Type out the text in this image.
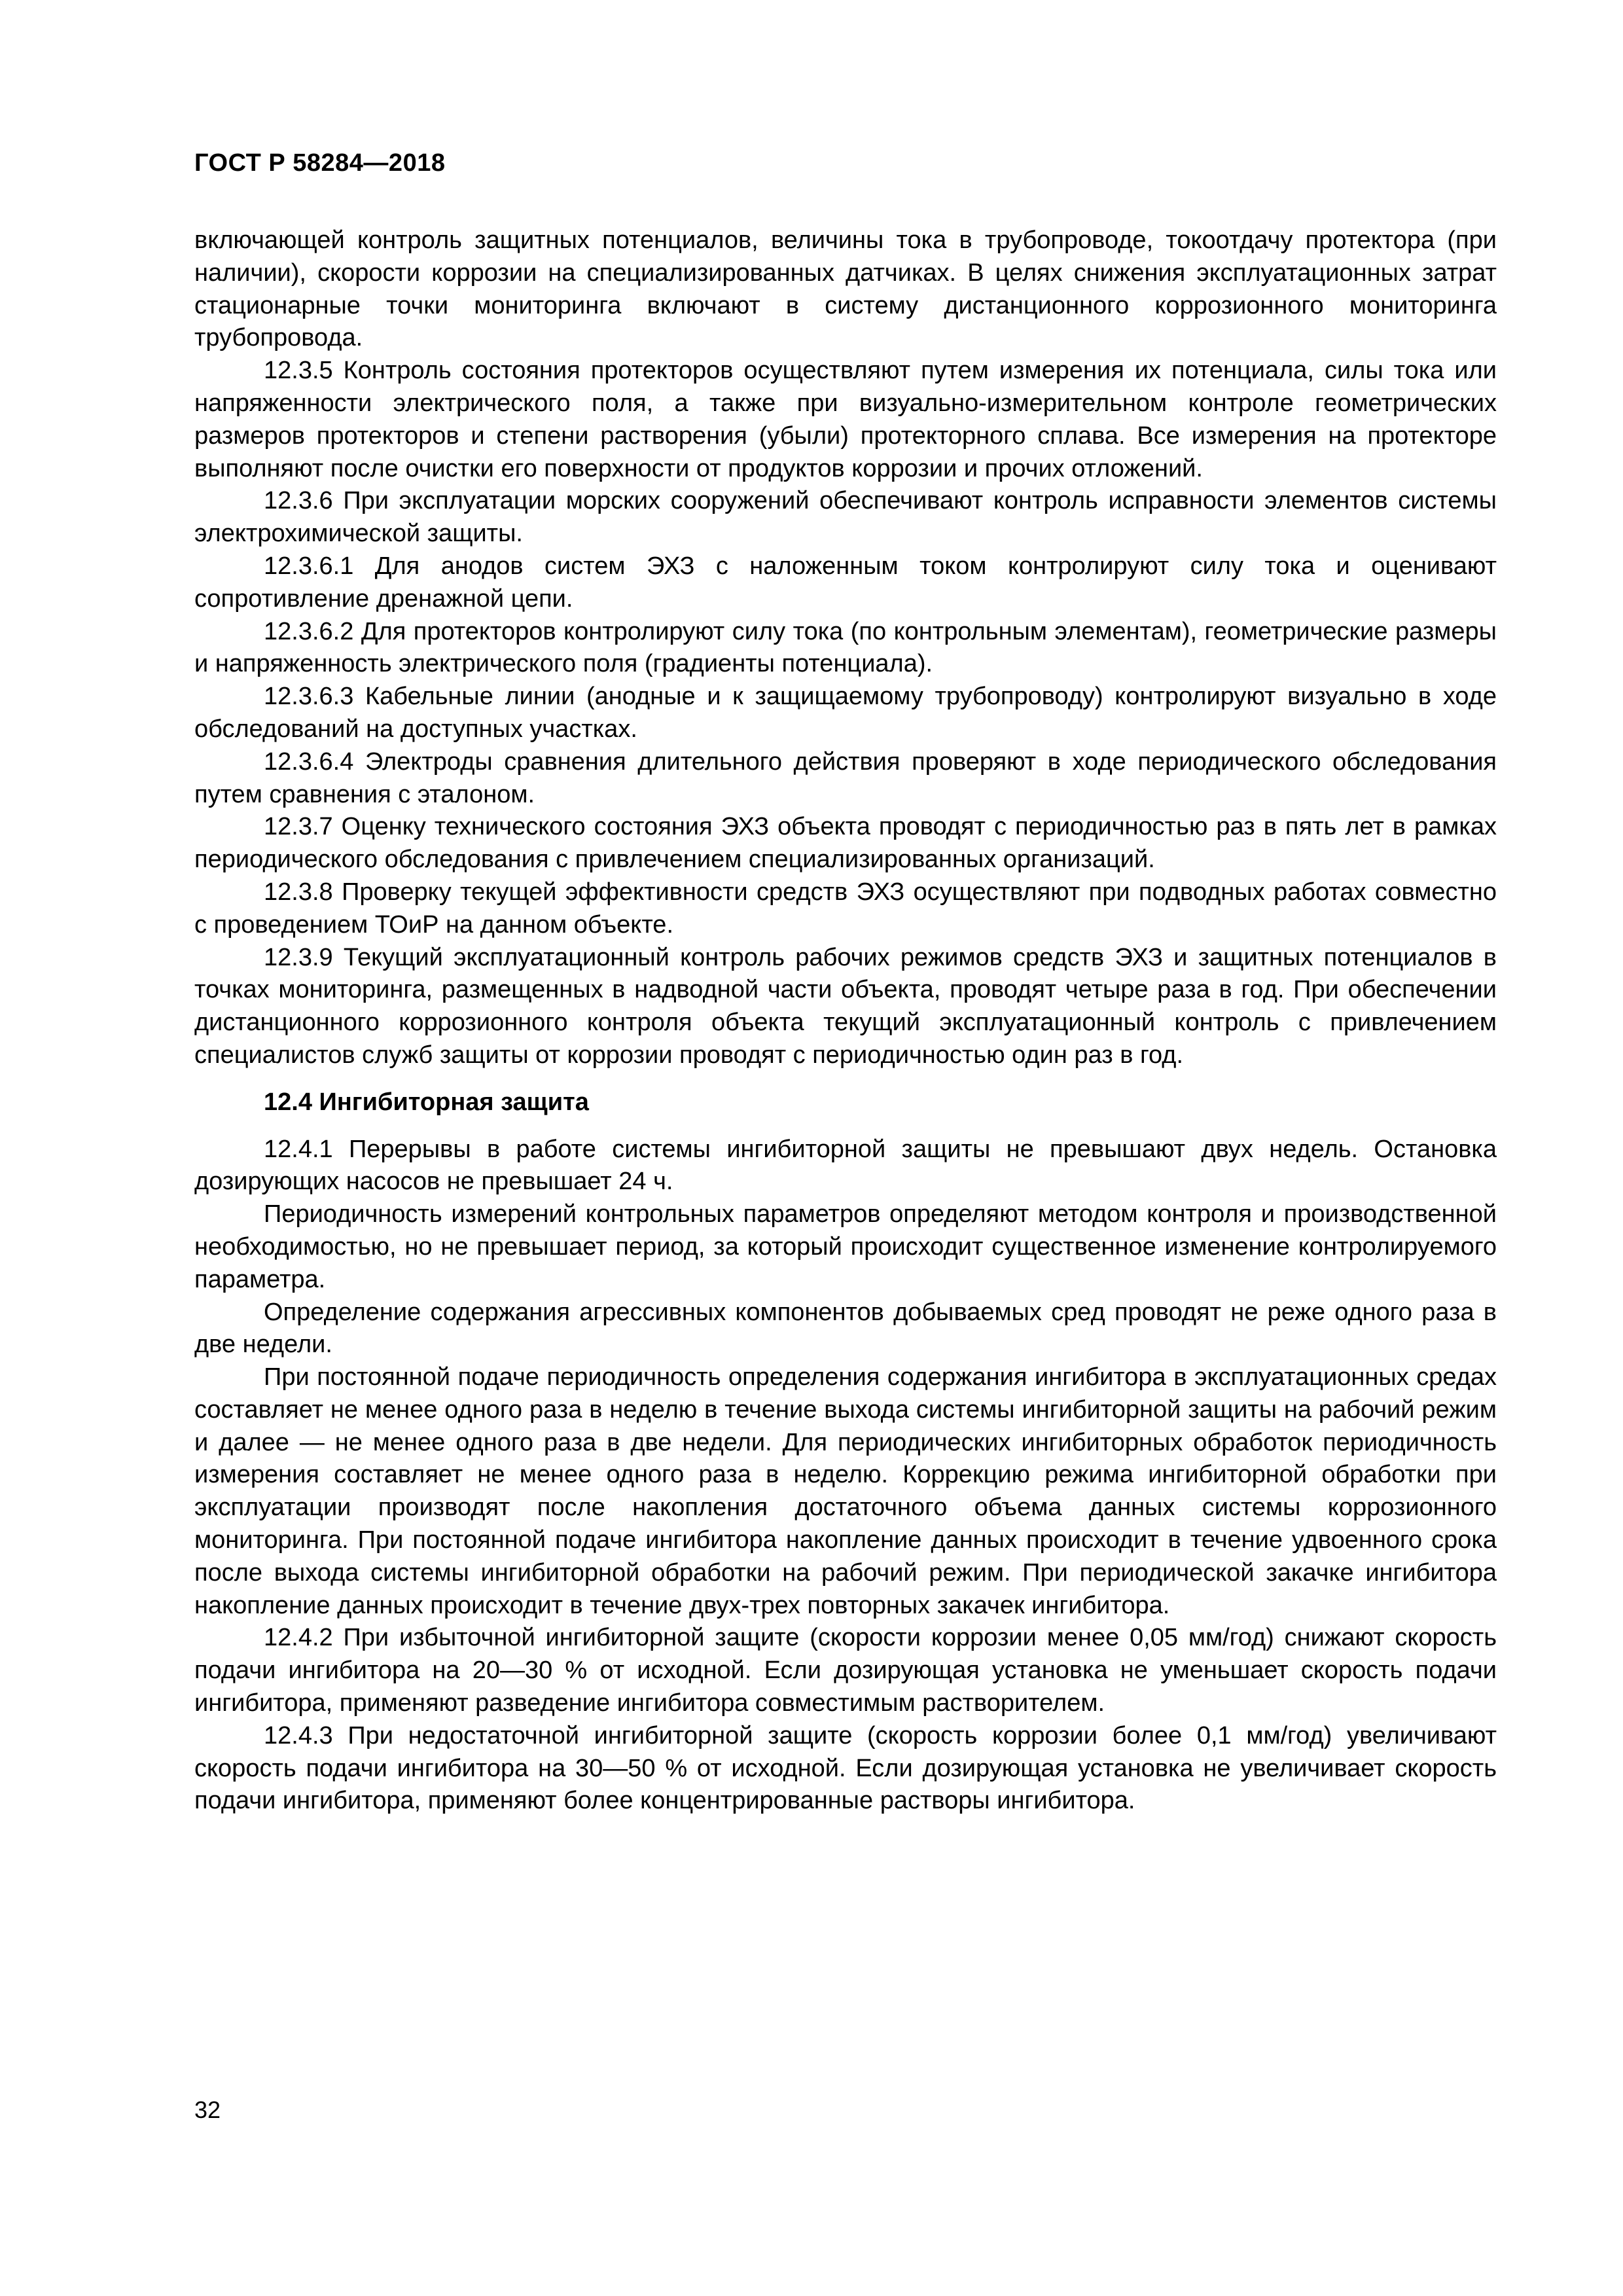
ГОСТ Р 58284—2018

включающей контроль защитных потенциалов, величины тока в трубопроводе, токоотдачу протектора (при наличии), скорости коррозии на специализированных датчиках. В целях снижения эксплуатационных затрат стационарные точки мониторинга включают в систему дистанционного коррозионного мониторинга трубопровода.

12.3.5 Контроль состояния протекторов осуществляют путем измерения их потенциала, силы тока или напряженности электрического поля, а также при визуально-измерительном контроле геометрических размеров протекторов и степени растворения (убыли) протекторного сплава. Все измерения на протекторе выполняют после очистки его поверхности от продуктов коррозии и прочих отложений.

12.3.6 При эксплуатации морских сооружений обеспечивают контроль исправности элементов системы электрохимической защиты.

12.3.6.1 Для анодов систем ЭХЗ с наложенным током контролируют силу тока и оценивают сопротивление дренажной цепи.

12.3.6.2 Для протекторов контролируют силу тока (по контрольным элементам), геометрические размеры и напряженность электрического поля (градиенты потенциала).

12.3.6.3 Кабельные линии (анодные и к защищаемому трубопроводу) контролируют визуально в ходе обследований на доступных участках.

12.3.6.4 Электроды сравнения длительного действия проверяют в ходе периодического обследования путем сравнения с эталоном.

12.3.7 Оценку технического состояния ЭХЗ объекта проводят с периодичностью раз в пять лет в рамках периодического обследования с привлечением специализированных организаций.

12.3.8 Проверку текущей эффективности средств ЭХЗ осуществляют при подводных работах совместно с проведением ТОиР на данном объекте.

12.3.9 Текущий эксплуатационный контроль рабочих режимов средств ЭХЗ и защитных потенциалов в точках мониторинга, размещенных в надводной части объекта, проводят четыре раза в год. При обеспечении дистанционного коррозионного контроля объекта текущий эксплуатационный контроль с привлечением специалистов служб защиты от коррозии проводят с периодичностью один раз в год.

12.4 Ингибиторная защита

12.4.1 Перерывы в работе системы ингибиторной защиты не превышают двух недель. Остановка дозирующих насосов не превышает 24 ч.

Периодичность измерений контрольных параметров определяют методом контроля и производственной необходимостью, но не превышает период, за который происходит существенное изменение контролируемого параметра.

Определение содержания агрессивных компонентов добываемых сред проводят не реже одного раза в две недели.

При постоянной подаче периодичность определения содержания ингибитора в эксплуатационных средах составляет не менее одного раза в неделю в течение выхода системы ингибиторной защиты на рабочий режим и далее — не менее одного раза в две недели. Для периодических ингибиторных обработок периодичность измерения составляет не менее одного раза в неделю. Коррекцию режима ингибиторной обработки при эксплуатации производят после накопления достаточного объема данных системы коррозионного мониторинга. При постоянной подаче ингибитора накопление данных происходит в течение удвоенного срока после выхода системы ингибиторной обработки на рабочий режим. При периодической закачке ингибитора накопление данных происходит в течение двух-трех повторных закачек ингибитора.

12.4.2 При избыточной ингибиторной защите (скорости коррозии менее 0,05 мм/год) снижают скорость подачи ингибитора на 20—30 % от исходной. Если дозирующая установка не уменьшает скорость подачи ингибитора, применяют разведение ингибитора совместимым растворителем.

12.4.3 При недостаточной ингибиторной защите (скорость коррозии более 0,1 мм/год) увеличивают скорость подачи ингибитора на 30—50 % от исходной. Если дозирующая установка не увеличивает скорость подачи ингибитора, применяют более концентрированные растворы ингибитора.

32
